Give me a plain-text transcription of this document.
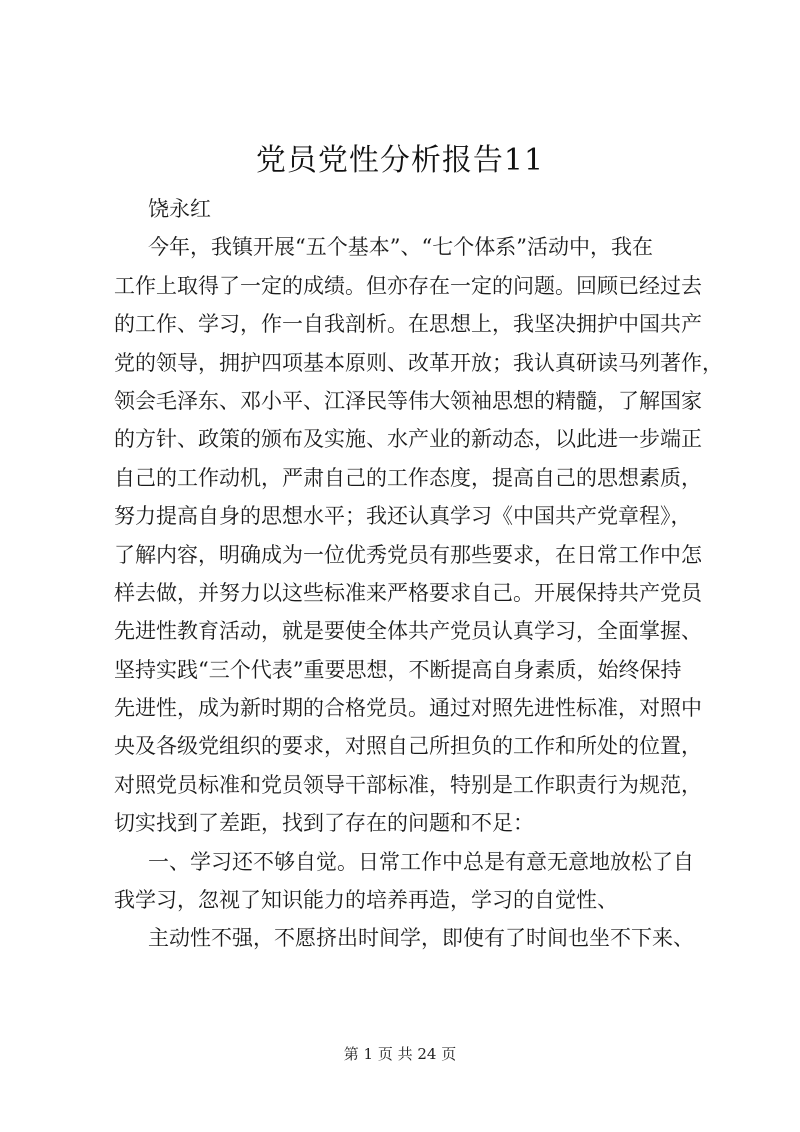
党员党性分析报告11
饶永红
今年，我镇开展“五个基本”、“七个体系”活动中，我在
工作上取得了一定的成绩。但亦存在一定的问题。回顾已经过去
的工作、学习，作一自我剖析。在思想上，我坚决拥护中国共产
党的领导，拥护四项基本原则、改革开放；我认真研读马列著作，
领会毛泽东、邓小平、江泽民等伟大领袖思想的精髓，了解国家
的方针、政策的颁布及实施、水产业的新动态，以此进一步端正
自己的工作动机，严肃自己的工作态度，提高自己的思想素质，
努力提高自身的思想水平；我还认真学习《中国共产党章程》，
了解内容，明确成为一位优秀党员有那些要求，在日常工作中怎
样去做，并努力以这些标准来严格要求自己。开展保持共产党员
先进性教育活动，就是要使全体共产党员认真学习，全面掌握、
坚持实践“三个代表”重要思想，不断提高自身素质，始终保持
先进性，成为新时期的合格党员。通过对照先进性标准，对照中
央及各级党组织的要求，对照自己所担负的工作和所处的位置，
对照党员标准和党员领导干部标准，特别是工作职责行为规范，
切实找到了差距，找到了存在的问题和不足：
一、学习还不够自觉。日常工作中总是有意无意地放松了自
我学习，忽视了知识能力的培养再造，学习的自觉性、
主动性不强，不愿挤出时间学，即使有了时间也坐不下来、
第 1 页 共 24 页
